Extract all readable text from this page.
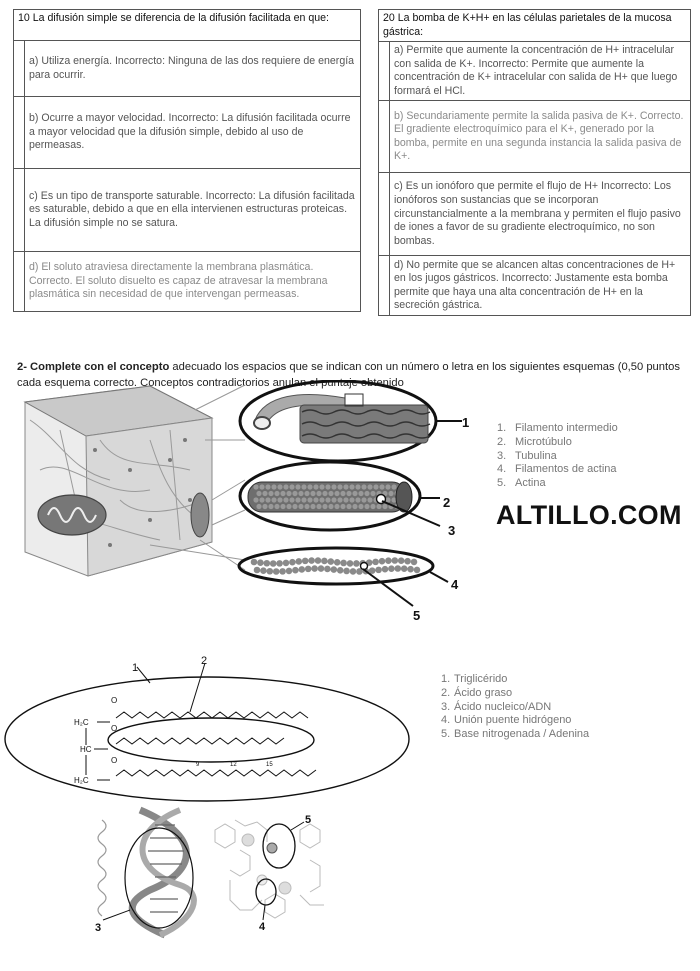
10 La difusión simple se diferencia de la difusión facilitada en que:	
	a) Utiliza energía. Incorrecto: Ninguna de las dos requiere de energía para ocurrir.
	b) Ocurre a mayor velocidad. Incorrecto: La difusión facilitada ocurre a mayor velocidad que la difusión simple, debido al uso de permeasas.
	c) Es un tipo de transporte saturable. Incorrecto: La difusión facilitada es saturable, debido a que en ella intervienen estructuras proteicas. La difusión simple no se satura.
	d) El soluto atraviesa directamente la membrana plasmática. Correcto. El soluto disuelto es capaz de atravesar la membrana plasmática sin necesidad de que intervengan permeasas.
20 La bomba de K+H+ en las células parietales de la mucosa gástrica:	
	a) Permite que aumente la concentración de H+ intracelular con salida de K+. Incorrecto: Permite que aumente la concentración de K+ intracelular con salida de H+ que luego formará el HCl.
	b) Secundariamente permite la salida pasiva de K+. Correcto. El gradiente electroquímico para el K+, generado por la bomba, permite en una segunda instancia la salida pasiva de K+.
	c) Es un ionóforo que permite el flujo de H+ Incorrecto: Los ionóforos son sustancias que se incorporan circunstancialmente a la membrana y permiten el flujo pasivo de iones a favor de su gradiente electroquímico, no son bombas.
	d) No permite que se alcancen altas concentraciones de H+ en los jugos gástricos. Incorrecto: Justamente esta bomba permite que haya una alta concentración de H+ en la secreción gástrica.
2- Complete con el concepto adecuado los espacios que se indican con un número o letra en los siguientes esquemas (0,50 puntos cada esquema correcto. Conceptos contradictorios anulan el puntaje obtenido
1
2
3
4
5
1. Filamento intermedio
2. Microtúbulo
3. Tubulina
4. Filamentos de actina
5. Actina
ALTILLO.COM
1
2
H₂C
HC
H₂C
O
O
O	9	12	15
3
5
4
1. Triglicérido
2. Ácido graso
3. Ácido nucleico/ADN
4. Unión puente hidrógeno
5. Base nitrogenada / Adenina
